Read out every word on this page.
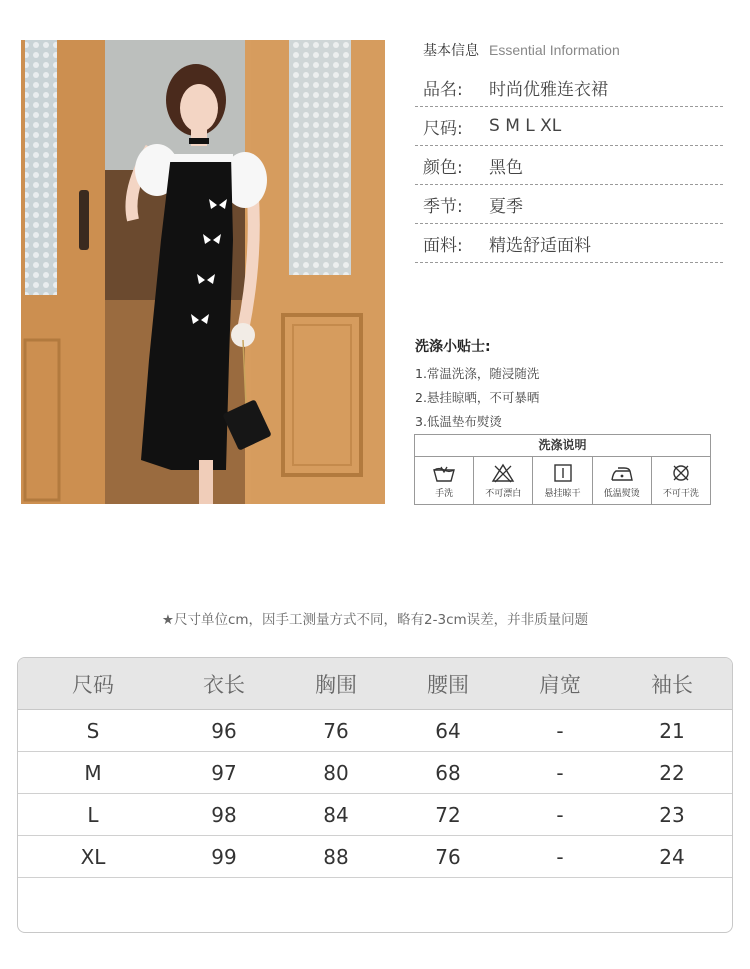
基本信息 Essential Information
品名:	时尚优雅连衣裙
尺码:	S M L XL
颜色:	黑色
季节:	夏季
面料:	精选舒适面料
洗涤小贴士:
1.常温洗涤，随浸随洗
2.悬挂晾晒，不可暴晒
3.低温垫布熨烫
洗涤说明
手洗	不可漂白	悬挂晾干	低温熨烫	不可干洗
★尺寸单位cm，因手工测量方式不同，略有2-3cm误差，并非质量问题
尺码	衣长	胸围	腰围	肩宽	袖长
S	96	76	64	-	21
M	97	80	68	-	22
L	98	84	72	-	23
XL	99	88	76	-	24
